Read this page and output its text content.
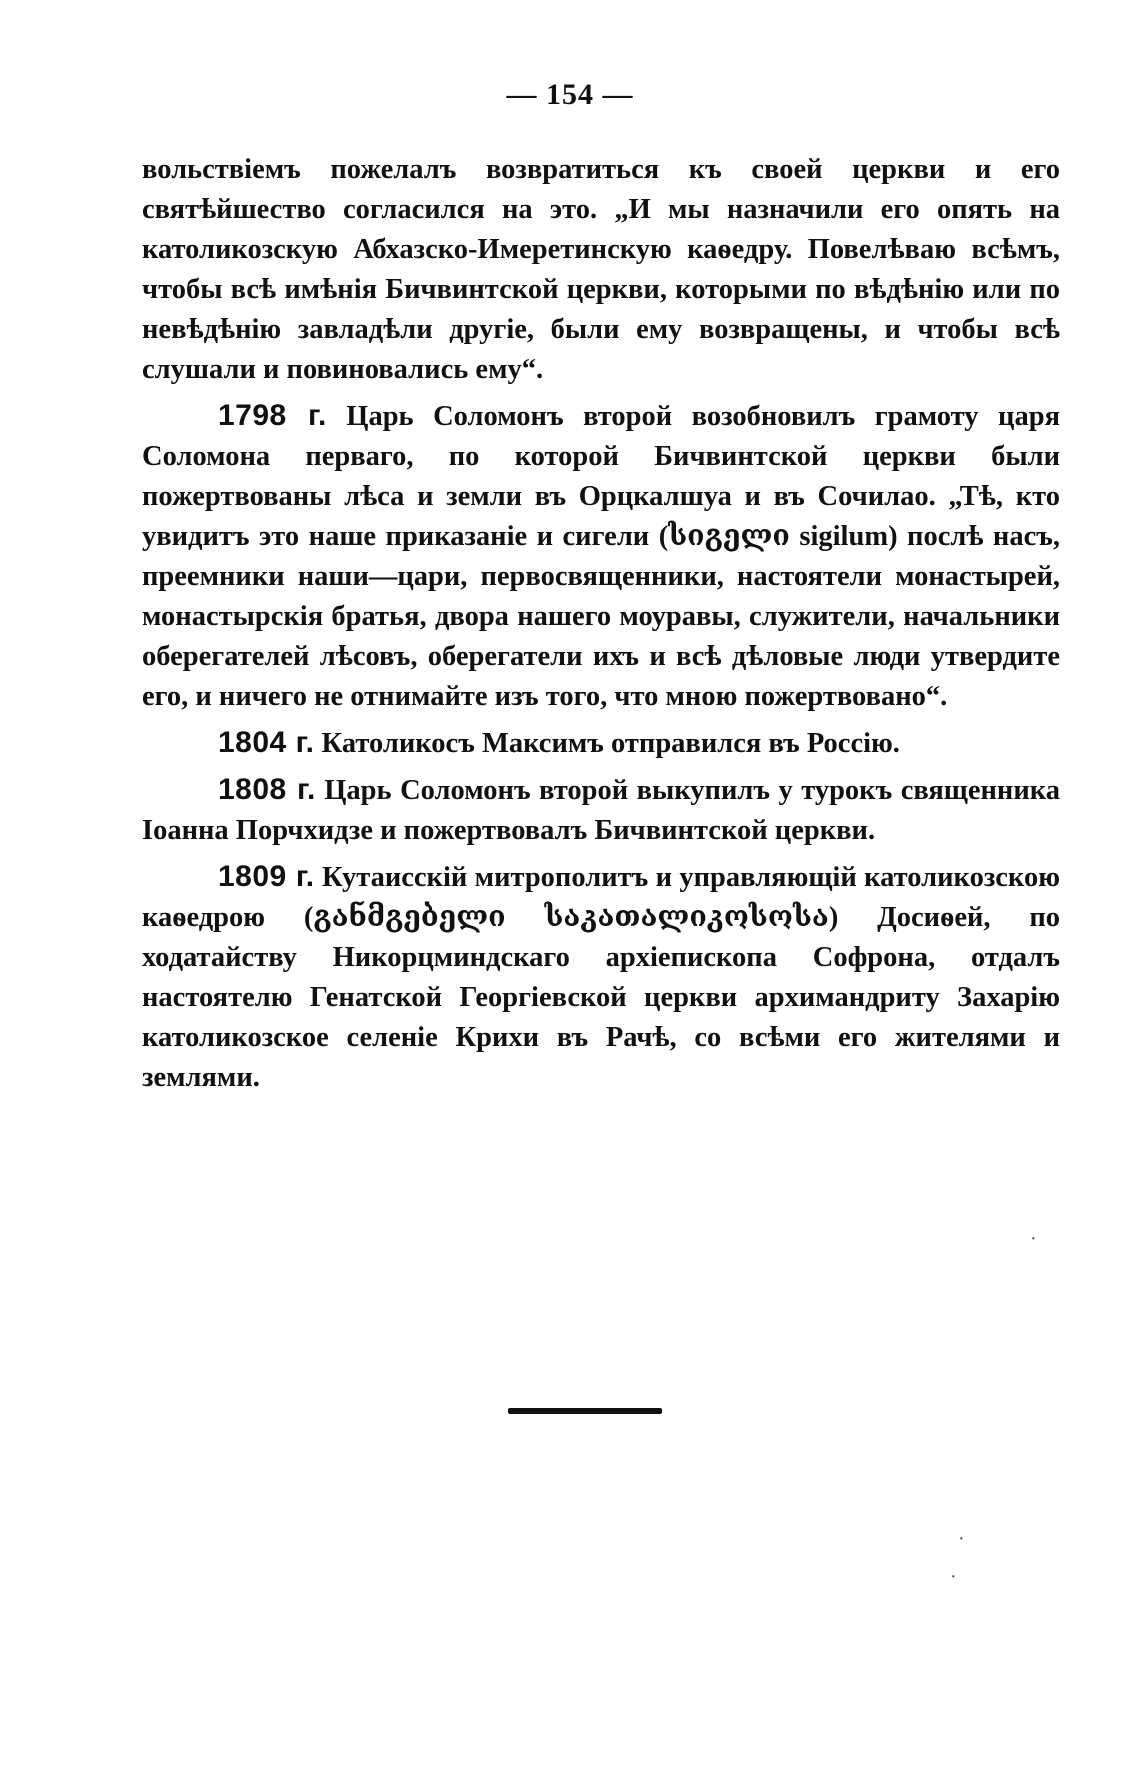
— 154 —

вольствіемъ пожелалъ возвратиться къ своей церкви и его святѣйшество согласился на это. „И мы назначили его опять на католикозскую Абхазско-Имеретинскую каѳедру. Повелѣваю всѣмъ, чтобы всѣ имѣнія Бичвинтской церкви, которыми по вѣдѣнію или по невѣдѣнію завладѣли другіе, были ему возвращены, и чтобы всѣ слушали и повиновались ему“.

1798 г. Царь Соломонъ второй возобновилъ грамоту царя Соломона перваго, по которой Бичвинтской церкви были пожертвованы лѣса и земли въ Орцкалшуа и въ Сочилао. „Тѣ, кто увидитъ это наше приказаніе и сигели (სიგელი sigilum) послѣ насъ, преемники наши—цари, первосвященники, настоятели монастырей, монастырскія братья, двора нашего моуравы, служители, начальники оберегателей лѣсовъ, оберегатели ихъ и всѣ дѣловые люди утвердите его, и ничего не отнимайте изъ того, что мною пожертвовано“.

1804 г. Католикосъ Максимъ отправился въ Россію.

1808 г. Царь Соломонъ второй выкупилъ у турокъ священника Іоанна Порчхидзе и пожертвовалъ Бичвинтской церкви.

1809 г. Кутаисскій митрополитъ и управляющій католикозскою каѳедрою (განმგებელი საკათალიკოსოსა) Досиѳей, по ходатайству Никорцминдскаго архіепископа Софрона, отдалъ настоятелю Генатской Георгіевской церкви архимандриту Захарію католикозское селеніе Крихи въ Рачѣ, со всѣми его жителями и землями.

·
·
·
